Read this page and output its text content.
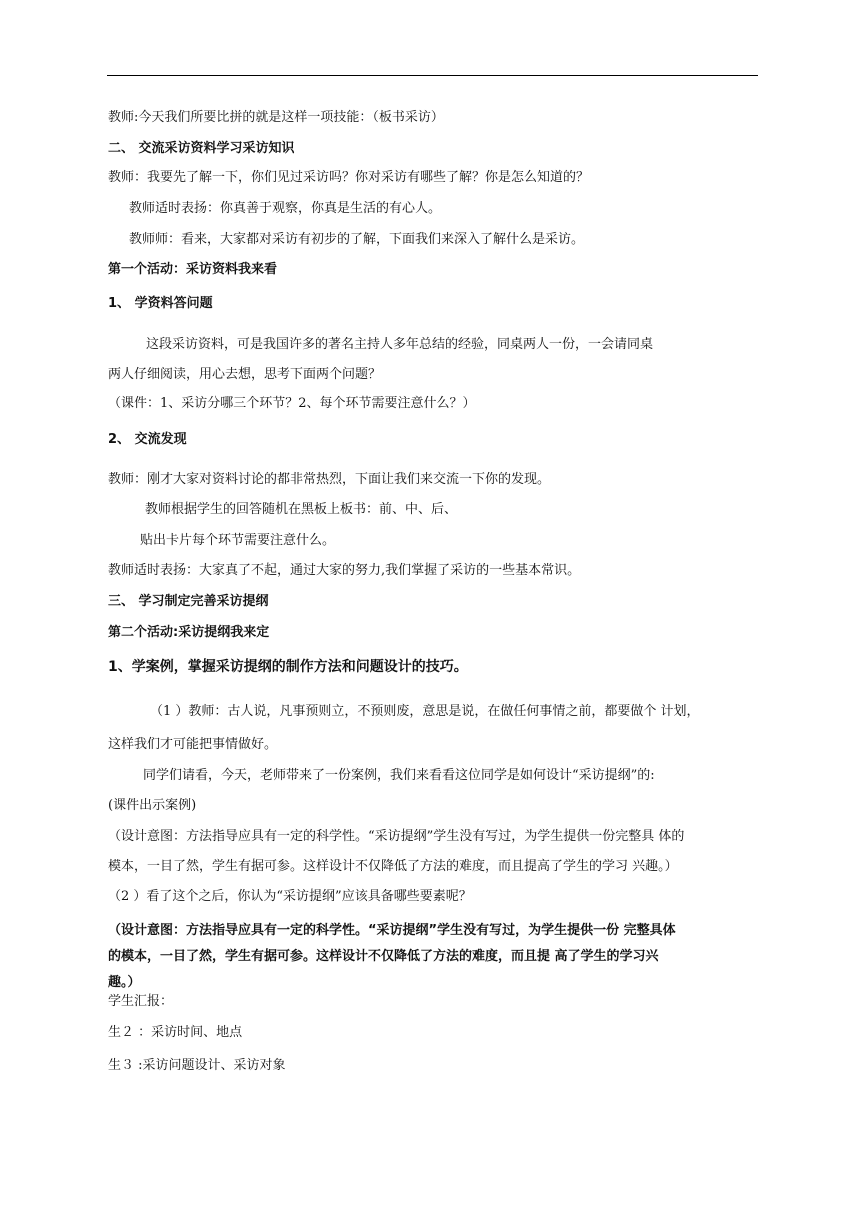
教师:今天我们所要比拼的就是这样一项技能：（板书采访）
二、 交流采访资料学习采访知识
教师：我要先了解一下，你们见过采访吗？你对采访有哪些了解？你是怎么知道的？
教师适时表扬：你真善于观察，你真是生活的有心人。
教师师：看来，大家都对采访有初步的了解，下面我们来深入了解什么是采访。
第一个活动：采访资料我来看
1、 学资料答问题
这段采访资料，可是我国许多的著名主持人多年总结的经验，同桌两人一份，一会请同桌
两人仔细阅读，用心去想，思考下面两个问题？
（课件：1、采访分哪三个环节？2、每个环节需要注意什么？）
2、 交流发现
教师：刚才大家对资料讨论的都非常热烈，下面让我们来交流一下你的发现。
教师根据学生的回答随机在黑板上板书：前、中、后、
贴出卡片每个环节需要注意什么。
教师适时表扬：大家真了不起，通过大家的努力,我们掌握了采访的一些基本常识。
三、 学习制定完善采访提纲
第二个活动:采访提纲我来定
1、学案例，掌握采访提纲的制作方法和问题设计的技巧。
（1 ）教师：古人说，凡事预则立，不预则废，意思是说，在做任何事情之前，都要做个 计划，
这样我们才可能把事情做好。
同学们请看，今天，老师带来了一份案例，我们来看看这位同学是如何设计“采访提纲”的:
(课件出示案例)
（设计意图：方法指导应具有一定的科学性。“采访提纲”学生没有写过，为学生提供一份完整具 体的
模本，一目了然，学生有据可参。这样设计不仅降低了方法的难度，而且提高了学生的学习 兴趣。）
（2 ）看了这个之后，你认为“采访提纲”应该具备哪些要素呢？
（设计意图：方法指导应具有一定的科学性。“采访提纲”学生没有写过，为学生提供一份 完整具体
的模本，一目了然，学生有据可参。这样设计不仅降低了方法的难度，而且提 高了学生的学习兴
趣。）
学生汇报：
生２ ：采访时间、地点
生３ :采访问题设计、采访对象
